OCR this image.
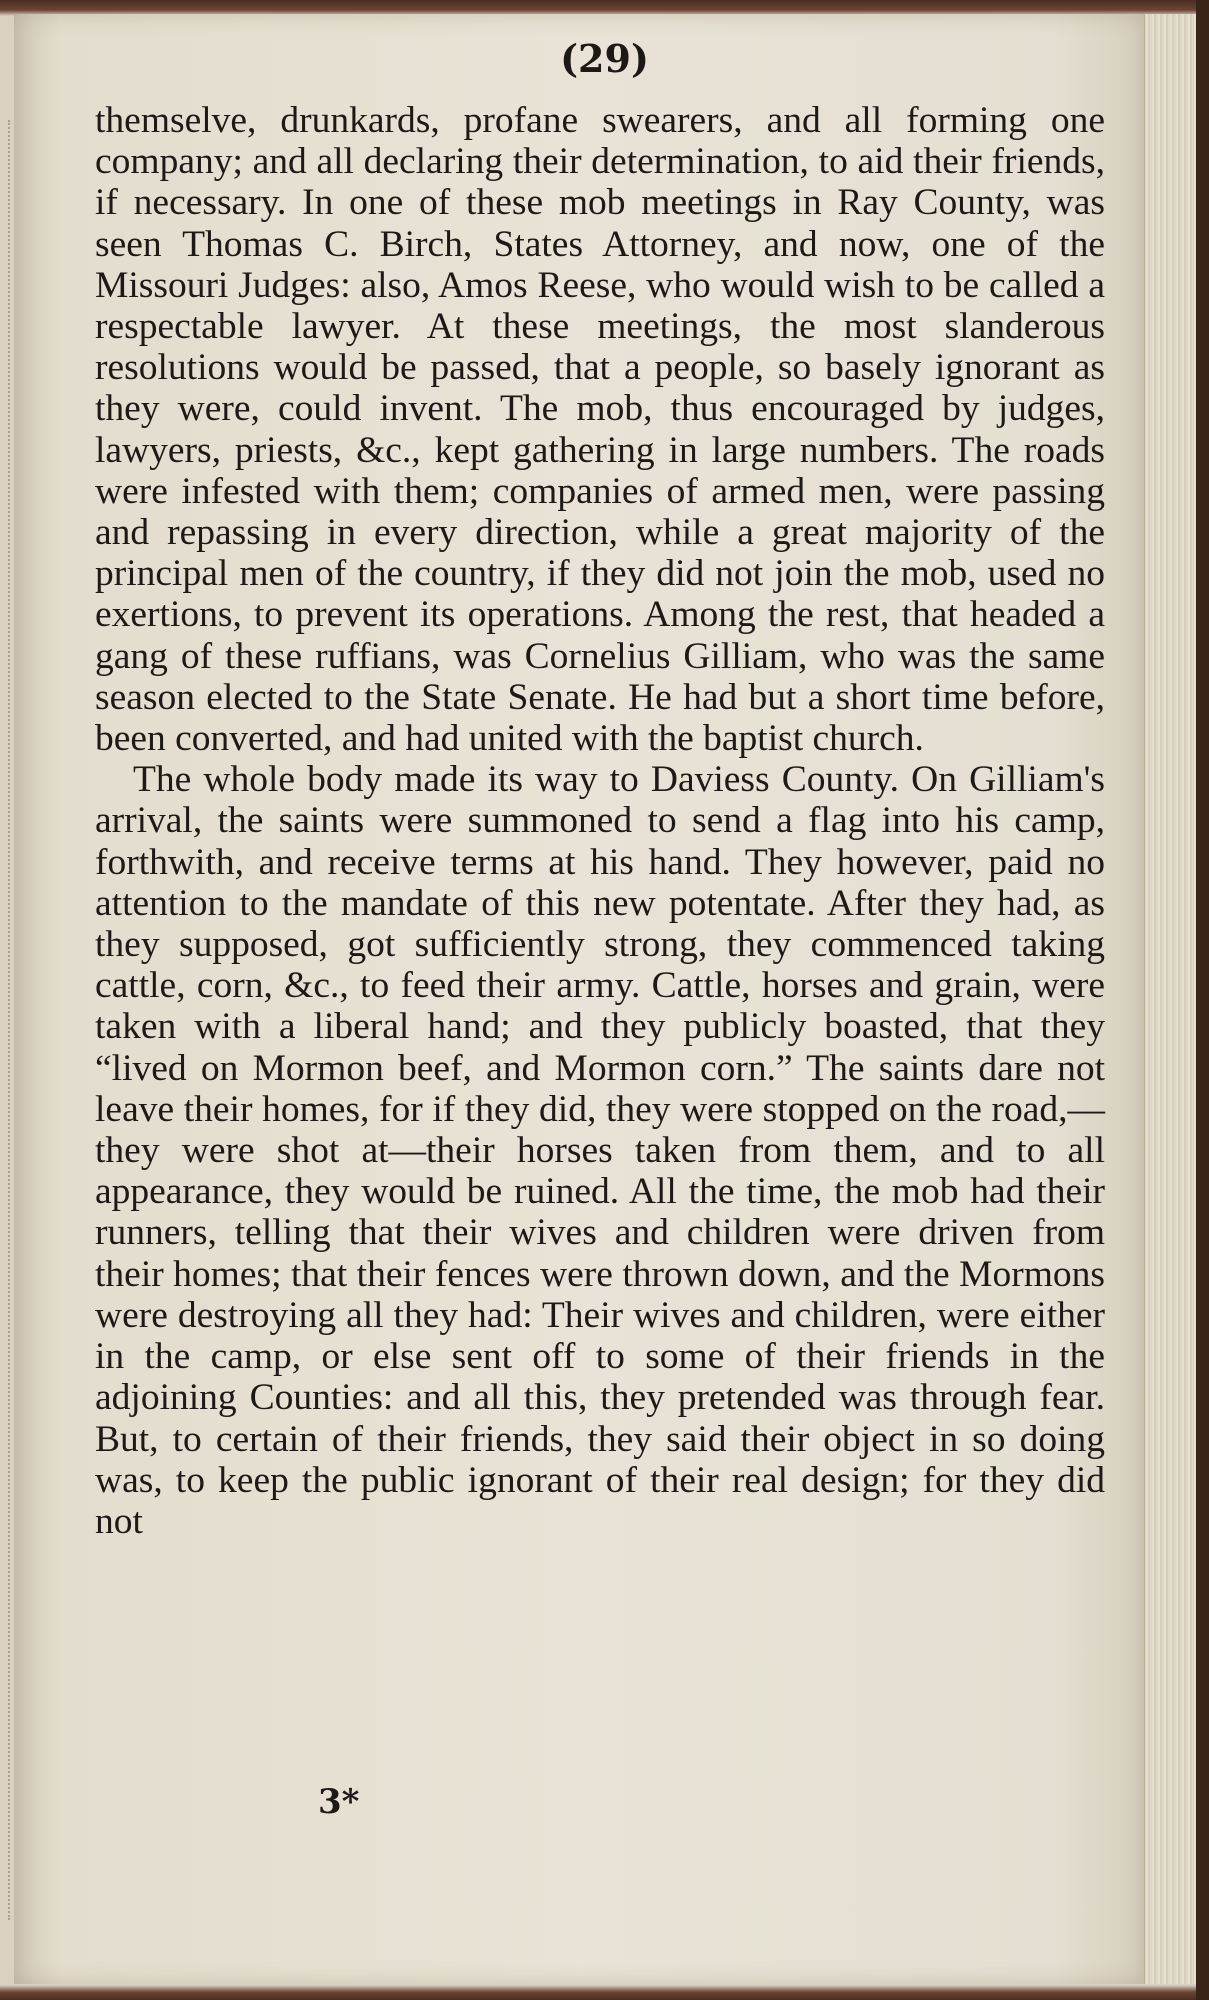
(29)

themselve, drunkards, profane swearers, and all forming one company; and all declaring their determination, to aid their friends, if necessary. In one of these mob meetings in Ray County, was seen Thomas C. Birch, States Attorney, and now, one of the Missouri Judges: also, Amos Reese, who would wish to be called a respectable lawyer. At these meetings, the most slanderous resolutions would be passed, that a people, so basely ignorant as they were, could invent. The mob, thus encouraged by judges, lawyers, priests, &c., kept gathering in large numbers. The roads were infested with them; companies of armed men, were passing and repassing in every direction, while a great majority of the principal men of the country, if they did not join the mob, used no exertions, to prevent its operations. Among the rest, that headed a gang of these ruffians, was Cornelius Gilliam, who was the same season elected to the State Senate. He had but a short time before, been converted, and had united with the baptist church.

The whole body made its way to Daviess County. On Gilliam's arrival, the saints were summoned to send a flag into his camp, forthwith, and receive terms at his hand. They however, paid no attention to the mandate of this new potentate. After they had, as they supposed, got sufficiently strong, they commenced taking cattle, corn, &c., to feed their army. Cattle, horses and grain, were taken with a liberal hand; and they publicly boasted, that they “lived on Mormon beef, and Mormon corn.” The saints dare not leave their homes, for if they did, they were stopped on the road,—they were shot at—their horses taken from them, and to all appearance, they would be ruined. All the time, the mob had their runners, telling that their wives and children were driven from their homes; that their fences were thrown down, and the Mormons were destroying all they had: Their wives and children, were either in the camp, or else sent off to some of their friends in the adjoining Counties: and all this, they pretended was through fear. But, to certain of their friends, they said their object in so doing was, to keep the public ignorant of their real design; for they did not

3*
